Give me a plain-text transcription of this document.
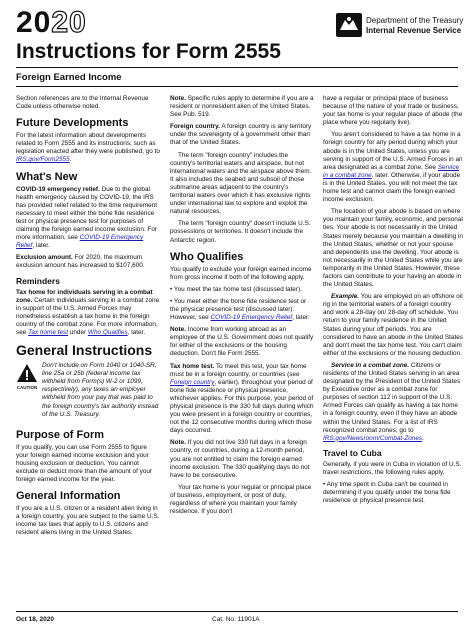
2020
Instructions for Form 2555
Foreign Earned Income
Department of the Treasury
Internal Revenue Service

Section references are to the Internal Revenue Code unless otherwise noted.

Future Developments

For the latest information about developments related to Form 2555 and its instructions, such as legislation enacted after they were published, go to IRS.gov/Form2555.

What's New

COVID-19 emergency relief. Due to the global health emergency caused by COVID-19, the IRS has provided relief related to the time requirement necessary to meet either the bone fide residence test or physical presence test for purposes of claiming the foreign earned income exclusion. For more information, see COVID-19 Emergency Relief, later.

Exclusion amount. For 2020, the maximum exclusion amount has increased to $107,600.

Reminders

Tax home for individuals serving in a combat zone. Certain individuals serving in a combat zone in support of the U.S. Armed Forces may nonetheless establish a tax home in the foreign country of the combat zone. For more information, see Tax home test under Who Qualifies, later.

General Instructions
CAUTION

Don't include on Form 1040 or 1040-SR, line 25a or 25b (federal income tax withheld from Form(s) W-2 or 1099, respectively), any taxes an employer withheld from your pay that was paid to the foreign country's tax authority instead of the U.S. Treasury.

Purpose of Form

If you qualify, you can use Form 2555 to figure your foreign earned income exclusion and your housing exclusion or deduction. You cannot exclude or deduct more than the amount of your foreign earned income for the year.

General Information

If you are a U.S. citizen or a resident alien living in a foreign country, you are subject to the same U.S. income tax laws that apply to U.S. citizens and resident aliens living in the United States.

Note. Specific rules apply to determine if you are a resident or nonresident alien of the United States. See Pub. 519.

Foreign country. A foreign country is any territory under the sovereignty of a government other than that of the United States.

The term "foreign country" includes the country's territorial waters and airspace, but not international waters and the airspace above them. It also includes the seabed and subsoil of those submarine areas adjacent to the country's territorial waters over which it has exclusive rights under international law to explore and exploit the natural resources.

The term "foreign country" doesn't include U.S. possessions or territories. It doesn't include the Antarctic region.

Who Qualifies

You qualify to exclude your foreign earned income from gross income if both of the following apply.

• You meet the tax home test (discussed later).

• You meet either the bone fide residence test or the physical presence test (discussed later). However, see COVID-19 Emergency Relief, later.

Note. Income from working abroad as an employee of the U.S. Government does not qualify for either of the exclusions or the housing deduction. Don't file Form 2555.

Tax home test. To meet this test, your tax home must be in a foreign country, or countries (see Foreign country, earlier), throughout your period of bone fide residence or physical presence, whichever applies. For this purpose, your period of physical presence is the 330 full days during which you were present in a foreign country or countries, not the 12 consecutive months during which those days occurred.

Note. If you did not live 330 full days in a foreign country, or countries, during a 12-month period, you are not entitled to claim the foreign earned income exclusion. The 330 qualifying days do not have to be consecutive.

Your tax home is your regular or principal place of business, employment, or post of duty, regardless of where you maintain your family residence. If you don't

have a regular or principal place of business because of the nature of your trade or business, your tax home is your regular place of abode (the place where you regularly live).

You aren't considered to have a tax home in a foreign country for any period during which your abode is in the United States, unless you are serving in support of the U.S. Armed Forces in an area designated as a combat zone. See Service in a combat zone, later. Otherwise, if your abode is in the United States, you will not meet the tax home test and cannot claim the foreign earned income exclusion.

The location of your abode is based on where you maintain your family, economic, and personal ties. Your abode is not necessarily in the United States merely because you maintain a dwelling in the United States, whether or not your spouse and dependents use the dwelling. Your abode is not necessarily in the United States while you are temporarily in the United States. However, these factors can contribute to your having an abode in the United States.

Example. You are employed on an offshore oil rig in the territorial waters of a foreign country and work a 28-day on/ 28-day off schedule. You return to your family residence in the United States during your off periods. You are considered to have an abode in the United States and don't meet the tax home test. You can't claim either of the exclusions or the housing deduction.

Service in a combat zone. Citizens or residents of the United States serving in an area designated by the President of the United States by Executive order as a combat zone for purposes of section 112 in support of the U.S. Armed Forces can qualify as having a tax home in a foreign country, even if they have an abode within the United States. For a list of IRS recognized combat zones, go to IRS.gov/Newsroom/Combat-Zones.

Travel to Cuba

Generally, if you were in Cuba in violation of U.S. travel restrictions, the following rules apply.

• Any time spent in Cuba can't be counted in determining if you qualify under the bona fide residence or physical presence test.

Oct 18, 2020	Cat. No. 11901A
